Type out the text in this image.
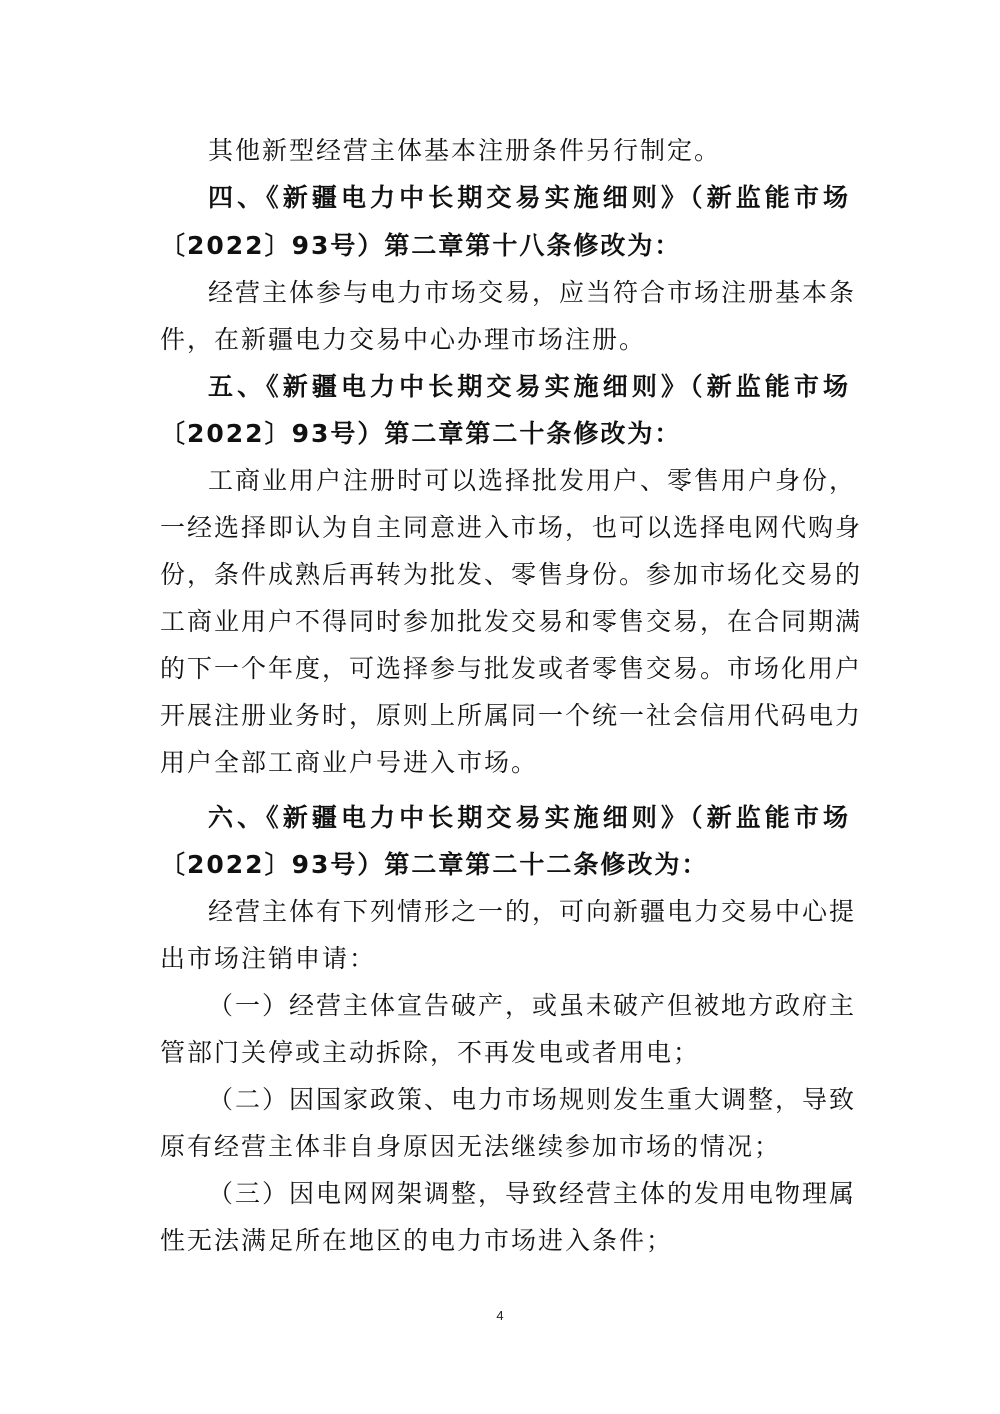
其他新型经营主体基本注册条件另行制定。
四、《新疆电力中长期交易实施细则》（新监能市场
〔2022〕93号）第二章第十八条修改为：
经营主体参与电力市场交易，应当符合市场注册基本条
件，在新疆电力交易中心办理市场注册。
五、《新疆电力中长期交易实施细则》（新监能市场
〔2022〕93号）第二章第二十条修改为：
工商业用户注册时可以选择批发用户、零售用户身份，
一经选择即认为自主同意进入市场，也可以选择电网代购身
份，条件成熟后再转为批发、零售身份。参加市场化交易的
工商业用户不得同时参加批发交易和零售交易，在合同期满
的下一个年度，可选择参与批发或者零售交易。市场化用户
开展注册业务时，原则上所属同一个统一社会信用代码电力
用户全部工商业户号进入市场。
六、《新疆电力中长期交易实施细则》（新监能市场
〔2022〕93号）第二章第二十二条修改为：
经营主体有下列情形之一的，可向新疆电力交易中心提
出市场注销申请：
（一）经营主体宣告破产，或虽未破产但被地方政府主
管部门关停或主动拆除，不再发电或者用电；
（二）因国家政策、电力市场规则发生重大调整，导致
原有经营主体非自身原因无法继续参加市场的情况；
（三）因电网网架调整，导致经营主体的发用电物理属
性无法满足所在地区的电力市场进入条件；
4
